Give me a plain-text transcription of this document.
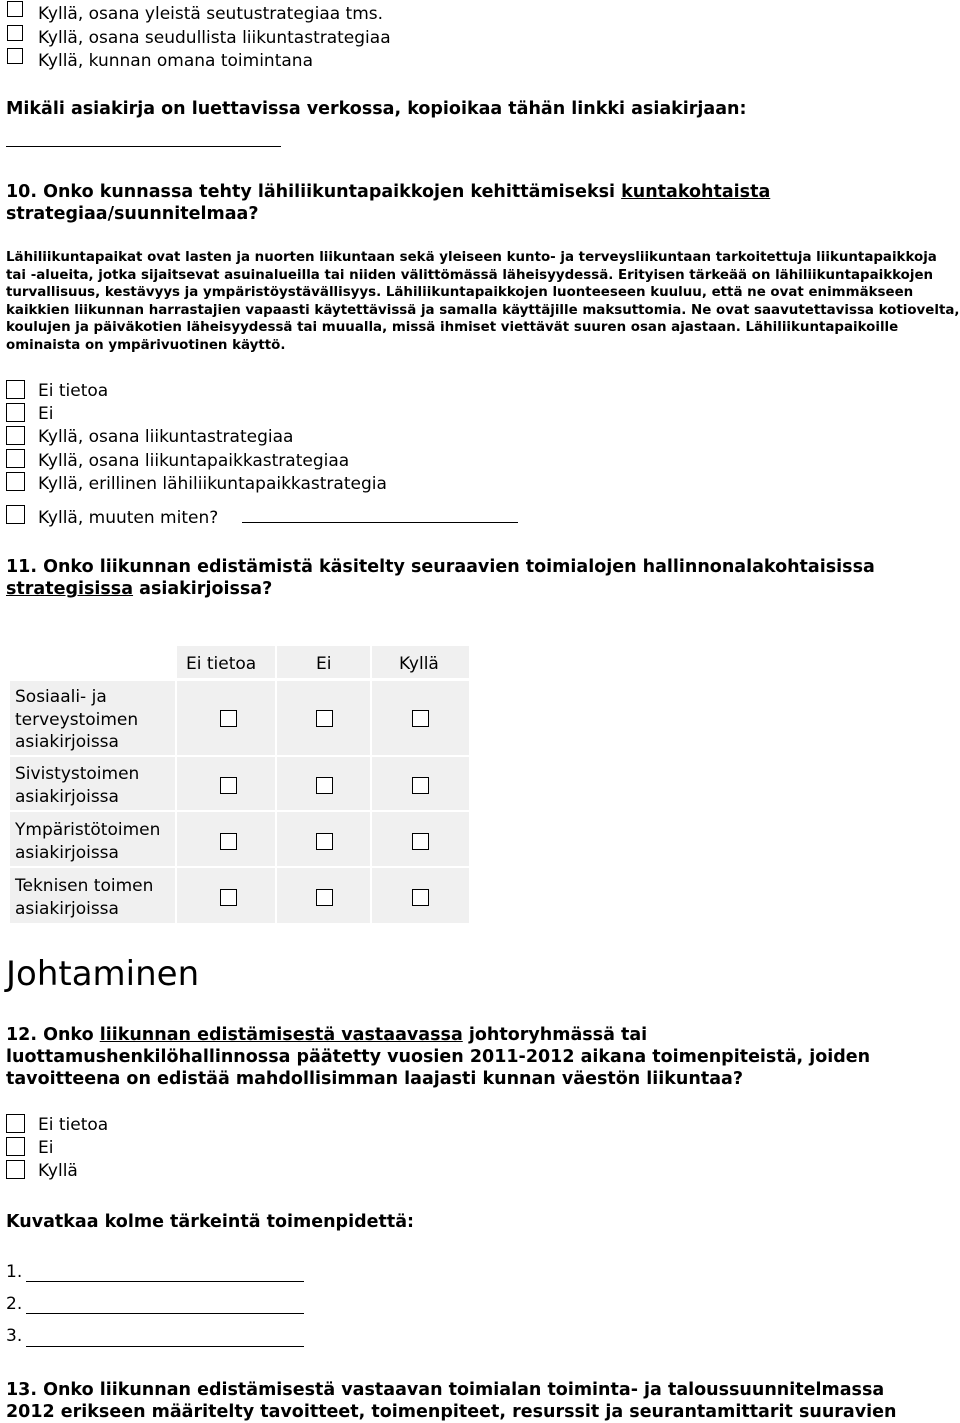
Kyllä, osana yleistä seutustrategiaa tms.
Kyllä, osana seudullista liikuntastrategiaa
Kyllä, kunnan omana toimintana
Mikäli asiakirja on luettavissa verkossa, kopioikaa tähän linkki asiakirjaan:
10. Onko kunnassa tehty lähiliikuntapaikkojen kehittämiseksi kuntakohtaista
strategiaa/suunnitelmaa?
Lähiliikuntapaikat ovat lasten ja nuorten liikuntaan sekä yleiseen kunto- ja terveysliikuntaan tarkoitettuja liikuntapaikkoja tai -alueita, jotka sijaitsevat asuinalueilla tai niiden välittömässä läheisyydessä. Erityisen tärkeää on lähiliikuntapaikkojen turvallisuus, kestävyys ja ympäristöystävällisyys. Lähiliikuntapaikkojen luonteeseen kuuluu, että ne ovat enimmäkseen kaikkien liikunnan harrastajien vapaasti käytettävissä ja samalla käyttäjille maksuttomia. Ne ovat saavutettavissa kotiovelta, koulujen ja päiväkotien läheisyydessä tai muualla, missä ihmiset viettävät suuren osan ajastaan. Lähiliikuntapaikoille ominaista on ympärivuotinen käyttö.
Ei tietoa
Ei
Kyllä, osana liikuntastrategiaa
Kyllä, osana liikuntapaikkastrategiaa
Kyllä, erillinen lähiliikuntapaikkastrategia
Kyllä, muuten miten?
11. Onko liikunnan edistämistä käsitelty seuraavien toimialojen hallinnonalakohtaisissa
strategisissa asiakirjoissa?
Ei tietoa	Ei	Kyllä
Sosiaali- ja
terveystoimen
asiakirjoissa
Sivistystoimen
asiakirjoissa
Ympäristötoimen
asiakirjoissa
Teknisen toimen
asiakirjoissa
Johtaminen
12. Onko liikunnan edistämisestä vastaavassa johtoryhmässä tai luottamushenkilöhallinnossa päätetty vuosien 2011-2012 aikana toimenpiteistä, joiden tavoitteena on edistää mahdollisimman laajasti kunnan väestön liikuntaa?
Ei tietoa
Ei
Kyllä
Kuvatkaa kolme tärkeintä toimenpidettä:
1.
2.
3.
13. Onko liikunnan edistämisestä vastaavan toimialan toiminta- ja taloussuunnitelmassa
2012 erikseen määritelty tavoitteet, toimenpiteet, resurssit ja seurantamittarit suuravien
